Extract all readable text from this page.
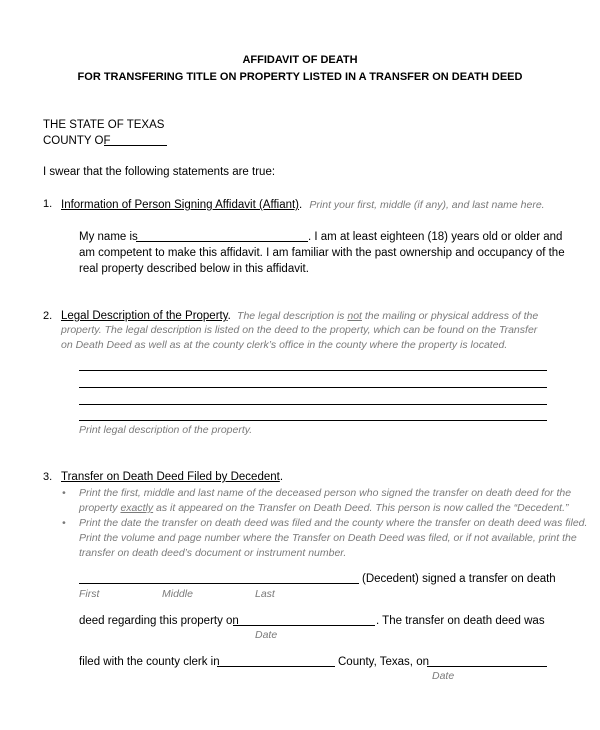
AFFIDAVIT OF DEATH
FOR TRANSFERING TITLE ON PROPERTY LISTED IN A TRANSFER ON DEATH DEED
THE STATE OF TEXAS
COUNTY OF
I swear that the following statements are true:
1. Information of Person Signing Affidavit (Affiant). Print your first, middle (if any), and last name here.
My name is	. I am at least eighteen (18) years old or older and
am competent to make this affidavit. I am familiar with the past ownership and occupancy of the
real property described below in this affidavit.
2. Legal Description of the Property. The legal description is not the mailing or physical address of the
property. The legal description is listed on the deed to the property, which can be found on the Transfer
on Death Deed as well as at the county clerk’s office in the county where the property is located.
Print legal description of the property.
3. Transfer on Death Deed Filed by Decedent.
• Print the first, middle and last name of the deceased person who signed the transfer on death deed for the
property exactly as it appeared on the Transfer on Death Deed. This person is now called the “Decedent.”
• Print the date the transfer on death deed was filed and the county where the transfer on death deed was filed.
Print the volume and page number where the Transfer on Death Deed was filed, or if not available, print the
transfer on death deed’s document or instrument number.
(Decedent) signed a transfer on death
First	Middle	Last
deed regarding this property on	. The transfer on death deed was
Date
filed with the county clerk in	County, Texas, on
Date
